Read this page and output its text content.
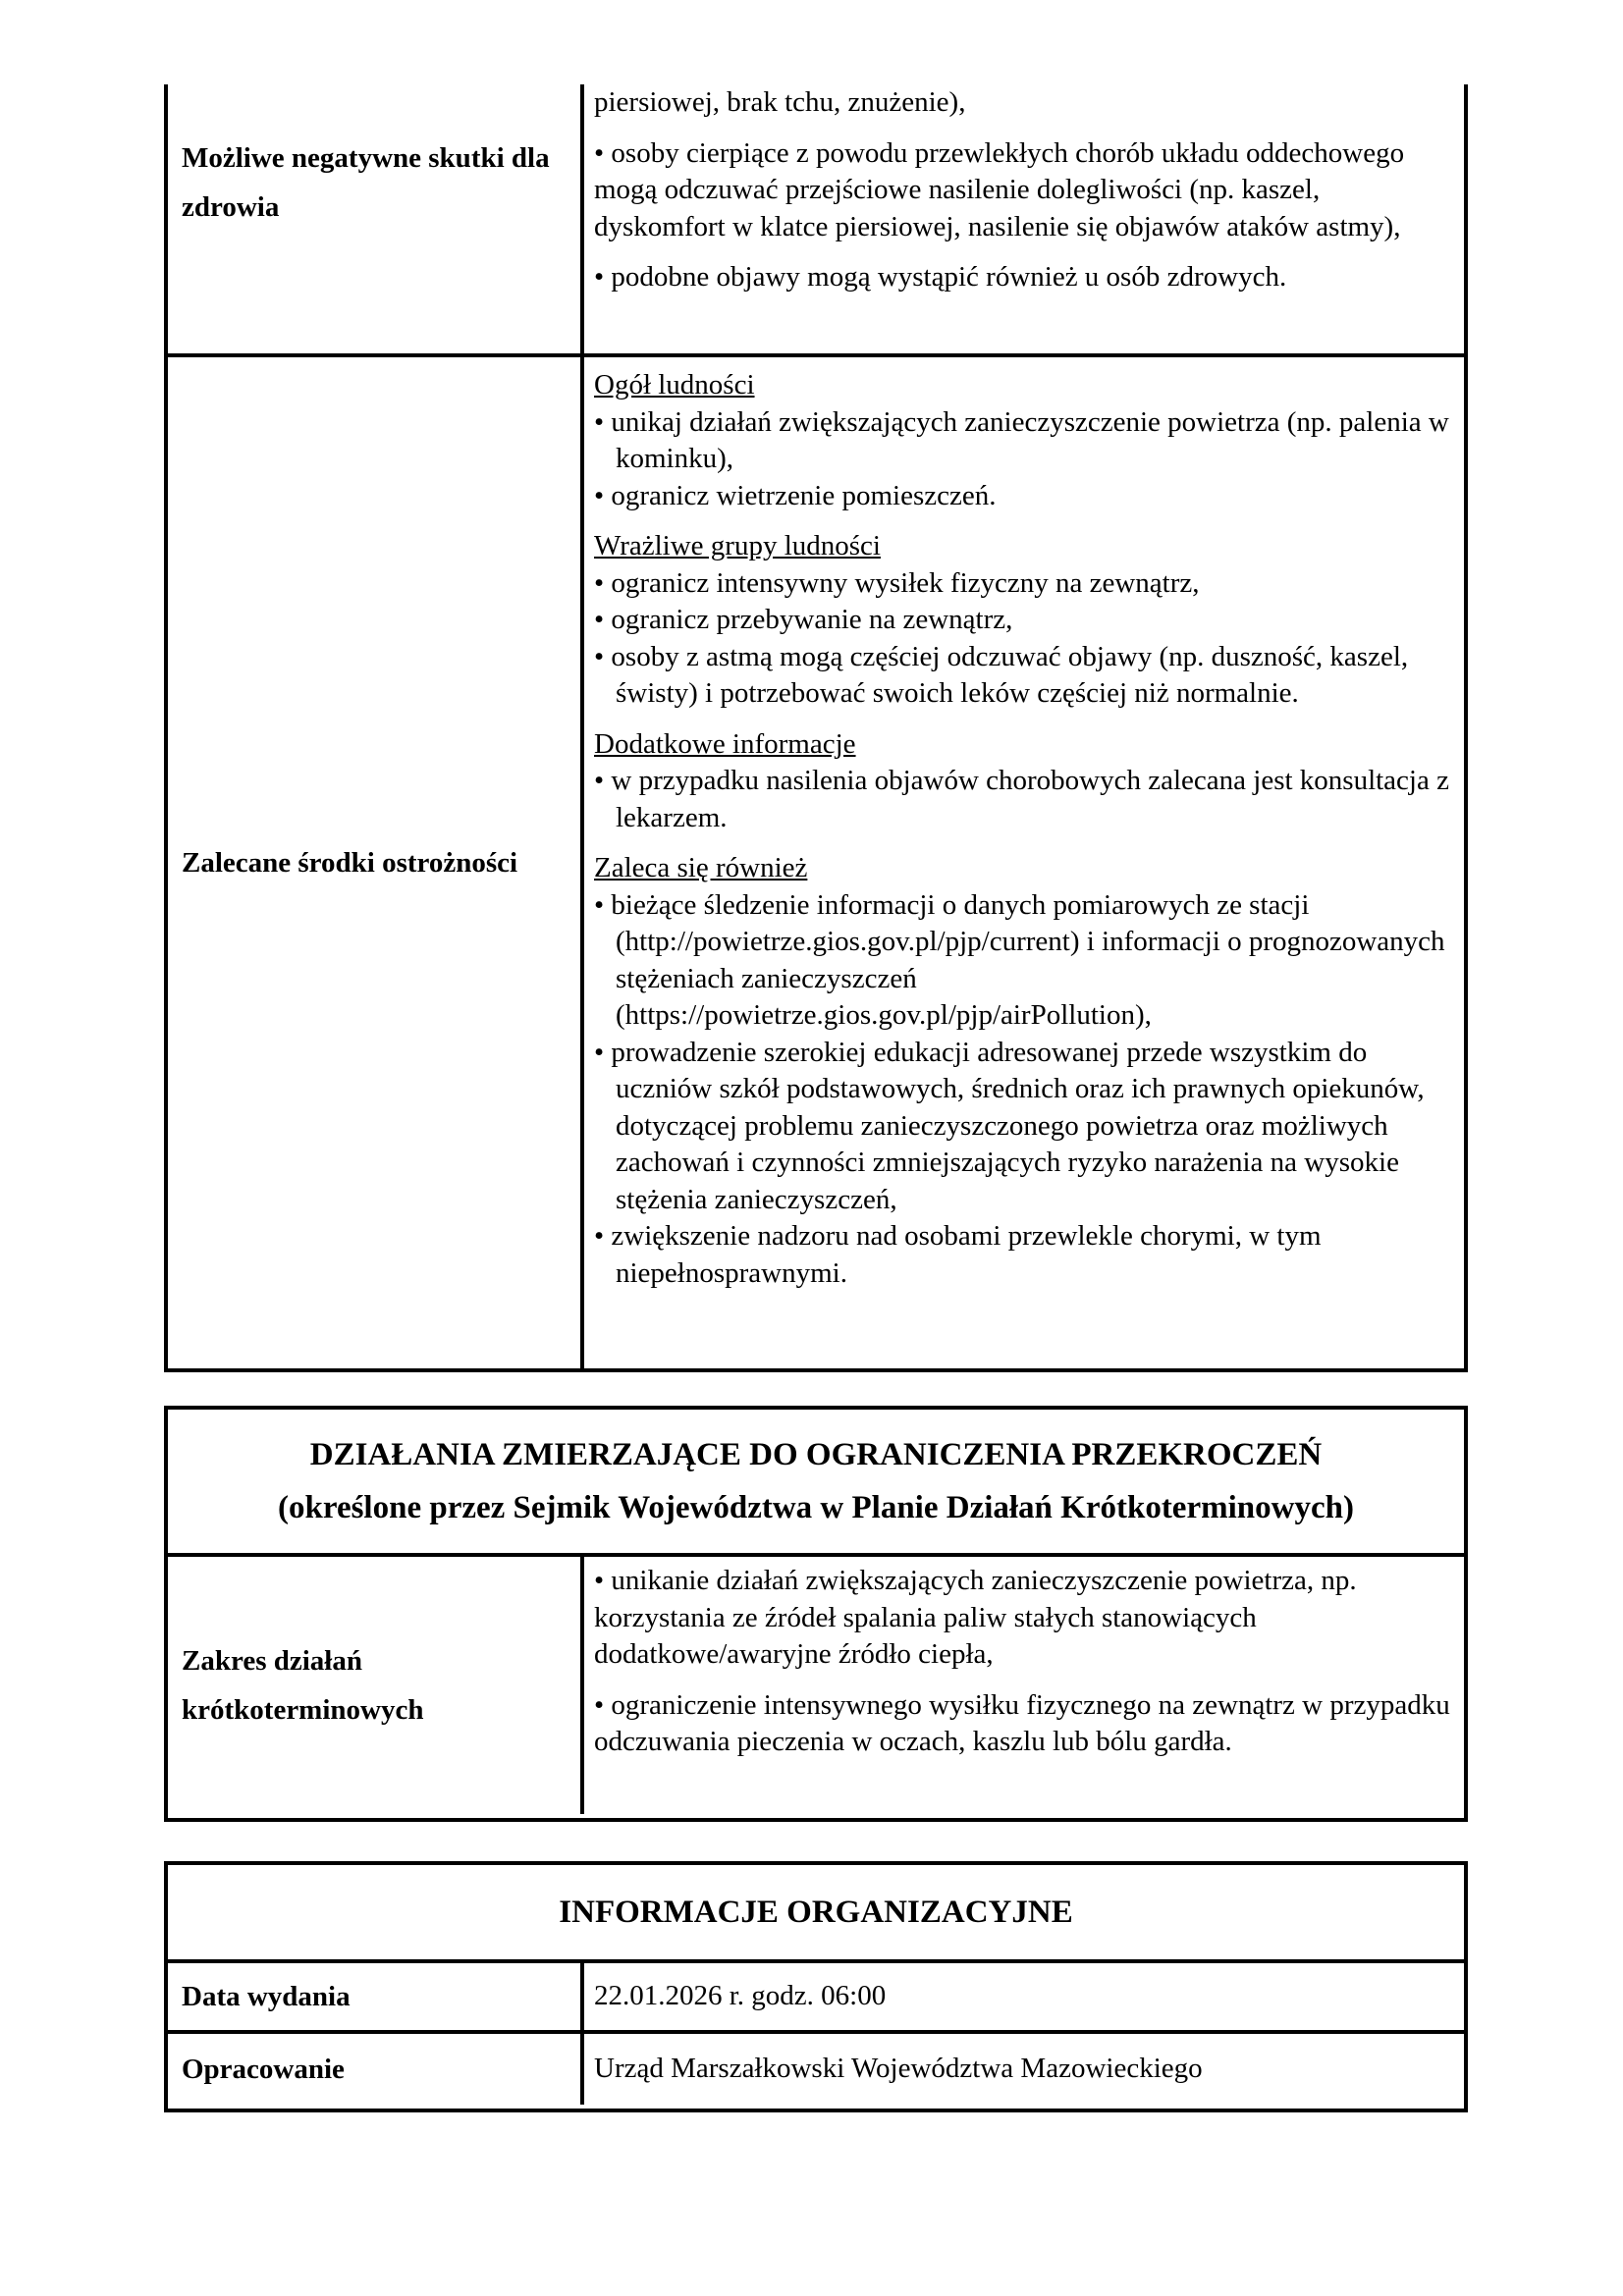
Możliwe negatywne skutki dla zdrowia

piersiowej, brak tchu, znużenie),

• osoby cierpiące z powodu przewlekłych chorób układu oddechowego mogą odczuwać przejściowe nasilenie dolegliwości (np. kaszel, dyskomfort w klatce piersiowej, nasilenie się objawów ataków astmy),

• podobne objawy mogą wystąpić również u osób zdrowych.

Zalecane środki ostrożności

Ogół ludności

• unikaj działań zwiększających zanieczyszczenie powietrza (np. palenia w kominku),

• ogranicz wietrzenie pomieszczeń.

Wrażliwe grupy ludności

• ogranicz intensywny wysiłek fizyczny na zewnątrz,

• ogranicz przebywanie na zewnątrz,

• osoby z astmą mogą częściej odczuwać objawy (np. duszność, kaszel, świsty) i potrzebować swoich leków częściej niż normalnie.

Dodatkowe informacje

• w przypadku nasilenia objawów chorobowych zalecana jest konsultacja z lekarzem.

Zaleca się również

• bieżące śledzenie informacji o danych pomiarowych ze stacji (http://powietrze.gios.gov.pl/pjp/current) i informacji o prognozowanych stężeniach zanieczyszczeń (https://powietrze.gios.gov.pl/pjp/airPollution),

• prowadzenie szerokiej edukacji adresowanej przede wszystkim do uczniów szkół podstawowych, średnich oraz ich prawnych opiekunów, dotyczącej problemu zanieczyszczonego powietrza oraz możliwych zachowań i czynności zmniejszających ryzyko narażenia na wysokie stężenia zanieczyszczeń,

• zwiększenie nadzoru nad osobami przewlekle chorymi, w tym niepełnosprawnymi.

DZIAŁANIA ZMIERZAJĄCE DO OGRANICZENIA PRZEKROCZEŃ
(określone przez Sejmik Województwa w Planie Działań Krótkoterminowych)
Zakres działań krótkoterminowych

• unikanie działań zwiększających zanieczyszczenie powietrza, np. korzystania ze źródeł spalania paliw stałych stanowiących dodatkowe/awaryjne źródło ciepła,

• ograniczenie intensywnego wysiłku fizycznego na zewnątrz w przypadku odczuwania pieczenia w oczach, kaszlu lub bólu gardła.

INFORMACJE ORGANIZACYJNE
Data wydania	22.01.2026 r. godz. 06:00
Opracowanie	Urząd Marszałkowski Województwa Mazowieckiego
